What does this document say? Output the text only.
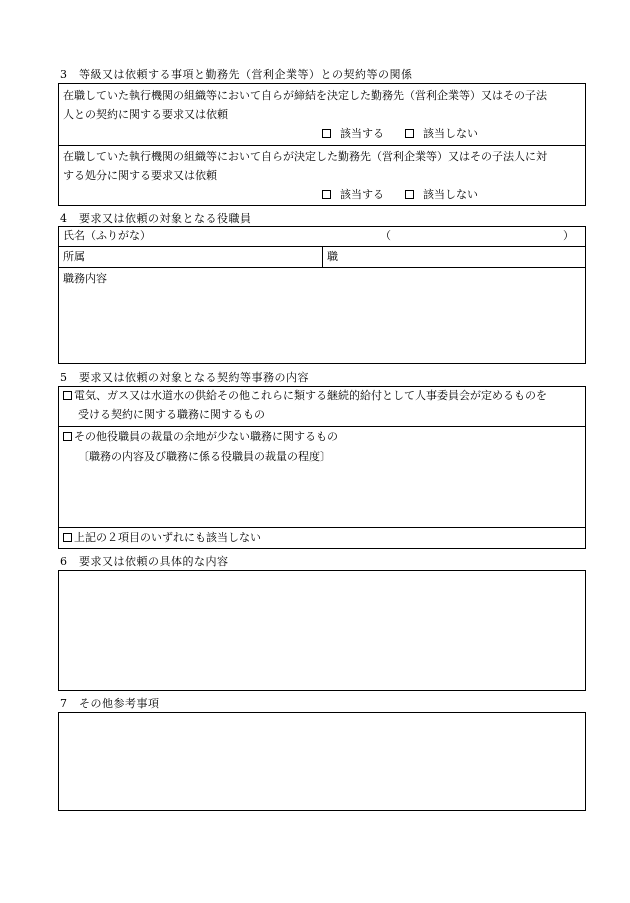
3　等級又は依頼する事項と勤務先（営利企業等）との契約等の関係
在職していた執行機関の組織等において自らが締結を決定した勤務先（営利企業等）又はその子法
人との契約に関する要求又は依頼
該当する	該当しない
在職していた執行機関の組織等において自らが決定した勤務先（営利企業等）又はその子法人に対
する処分に関する要求又は依頼
該当する	該当しない
4　要求又は依頼の対象となる役職員
氏名（ふりがな）	（	）
所属	職
職務内容
5　要求又は依頼の対象となる契約等事務の内容
電気、ガス又は水道水の供給その他これらに類する継続的給付として人事委員会が定めるものを
受ける契約に関する職務に関するもの
その他役職員の裁量の余地が少ない職務に関するもの
〔職務の内容及び職務に係る役職員の裁量の程度〕
上記の２項目のいずれにも該当しない
6　要求又は依頼の具体的な内容
7　その他参考事項
